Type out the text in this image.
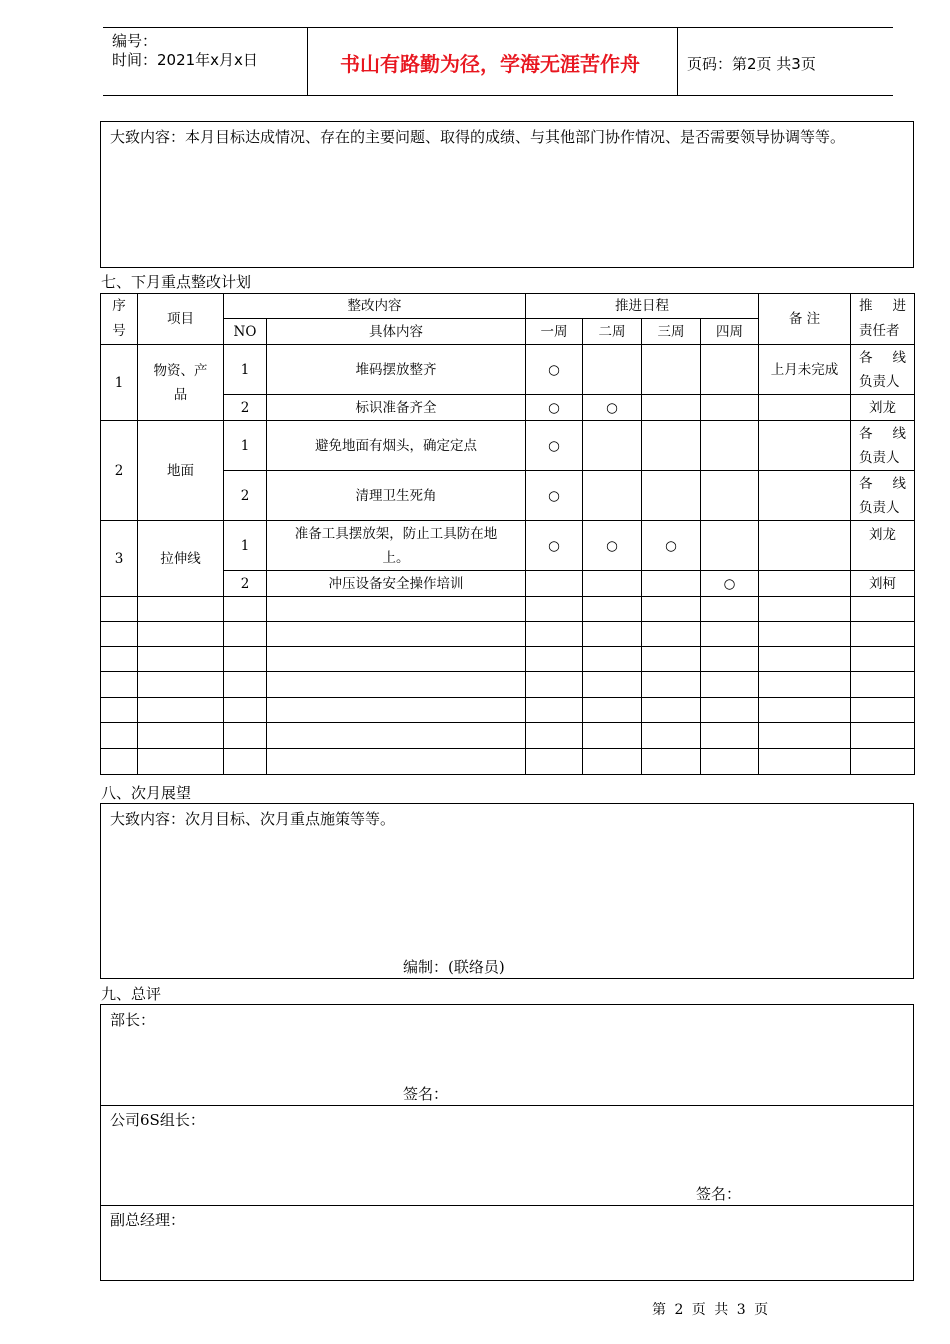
编号：
时间：2021年x月x日	书山有路勤为径，学海无涯苦作舟	页码：第2页 共3页
大致内容：本月目标达成情况、存在的主要问题、取得的成绩、与其他部门协作情况、是否需要领导协调等等。
七、下月重点整改计划
序号	项目	整改内容		推进日程				备 注	推 进 责任者
		NO	具体内容	一周	二周	三周	四周		
1	物资、产品	1	堆码摆放整齐	○				上月未完成	各 线 负责人
		2	标识准备齐全	○	○				刘龙
2	地面	1	避免地面有烟头，确定定点	○					各 线 负责人
		2	清理卫生死角	○					各 线 负责人
3	拉伸线	1	准备工具摆放架，防止工具防在地上。	○	○	○			刘龙
		2	冲压设备安全操作培训				○		刘柯

八、次月展望
大致内容：次月目标、次月重点施策等等。
编制：(联络员)
九、总评
部长：
签名：
公司6S组长：
签名：
副总经理：
第 2 页 共 3 页
